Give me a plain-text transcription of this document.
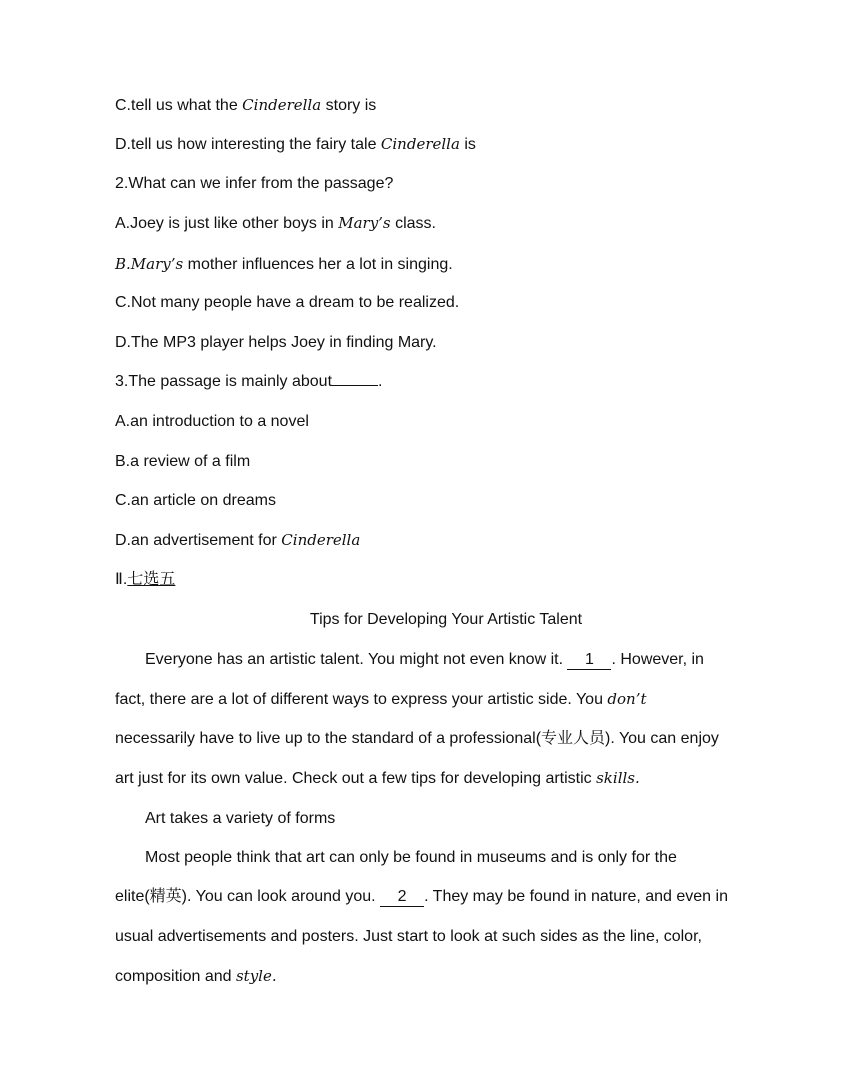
C.tell us what the Cinderella story is
D.tell us how interesting the fairy tale Cinderella is
2.What can we infer from the passage?
A.Joey is just like other boys in Mary’s class.
B.Mary’s mother influences her a lot in singing.
C.Not many people have a dream to be realized.
D.The MP3 player helps Joey in finding Mary.
3.The passage is mainly about	.
A.an introduction to a novel
B.a review of a film
C.an article on dreams
D.an advertisement for Cinderella
Ⅱ.七选五
Tips for Developing Your Artistic Talent
Everyone has an artistic talent. You might not even know it. 1 . However, in
fact, there are a lot of different ways to express your artistic side. You don’t
necessarily have to live up to the standard of a professional(专业人员). You can enjoy
art just for its own value. Check out a few tips for developing artistic skills.
Art takes a variety of forms
Most people think that art can only be found in museums and is only for the
elite(精英). You can look around you. 2 . They may be found in nature, and even in
usual advertisements and posters. Just start to look at such sides as the line, color,
composition and style.
